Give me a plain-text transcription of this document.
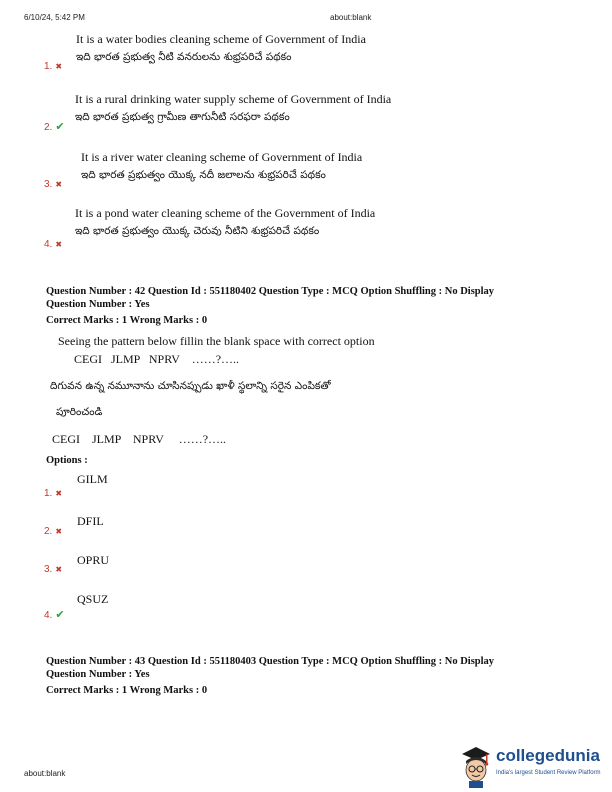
6/10/24, 5:42 PM	about:blank
It is a water bodies cleaning scheme of Government of India
1. ✖
ఇది భారత ప్రభుత్వ నీటి వనరులను శుభ్రపరిచే పథకం
It is a rural drinking water supply scheme of Government of India
2. ✔
ఇది భారత ప్రభుత్వ గ్రామీణ తాగునీటి సరఫరా పథకం
It is a river water cleaning scheme of Government of India
3. ✖
ఇది భారత ప్రభుత్వం యొక్క నదీ జలాలను శుభ్రపరిచే పథకం
It is a pond water cleaning scheme of the Government of India
4. ✖
ఇది భారత ప్రభుత్వం యొక్క చెరువు నీటిని శుభ్రపరిచే పథకం
Question Number : 42 Question Id : 551180402 Question Type : MCQ Option Shuffling : No Display
Question Number : Yes
Correct Marks : 1 Wrong Marks : 0
Seeing the pattern below fillin the blank space with correct option
CEGI   JLMP   NPRV    ……?…..
దిగువన ఉన్న నమూనాను చూసినప్పుడు ఖాళీ స్థలాన్ని సరైన ఎంపికతో
పూరించండి
CEGI    JLMP    NPRV     ……?…..
Options :
1. ✖
GILM
2. ✖
DFIL
3. ✖
OPRU
4. ✔
QSUZ
Question Number : 43 Question Id : 551180403 Question Type : MCQ Option Shuffling : No Display
Question Number : Yes
Correct Marks : 1 Wrong Marks : 0
about:blank
collegedunia
India's largest Student Review Platform
